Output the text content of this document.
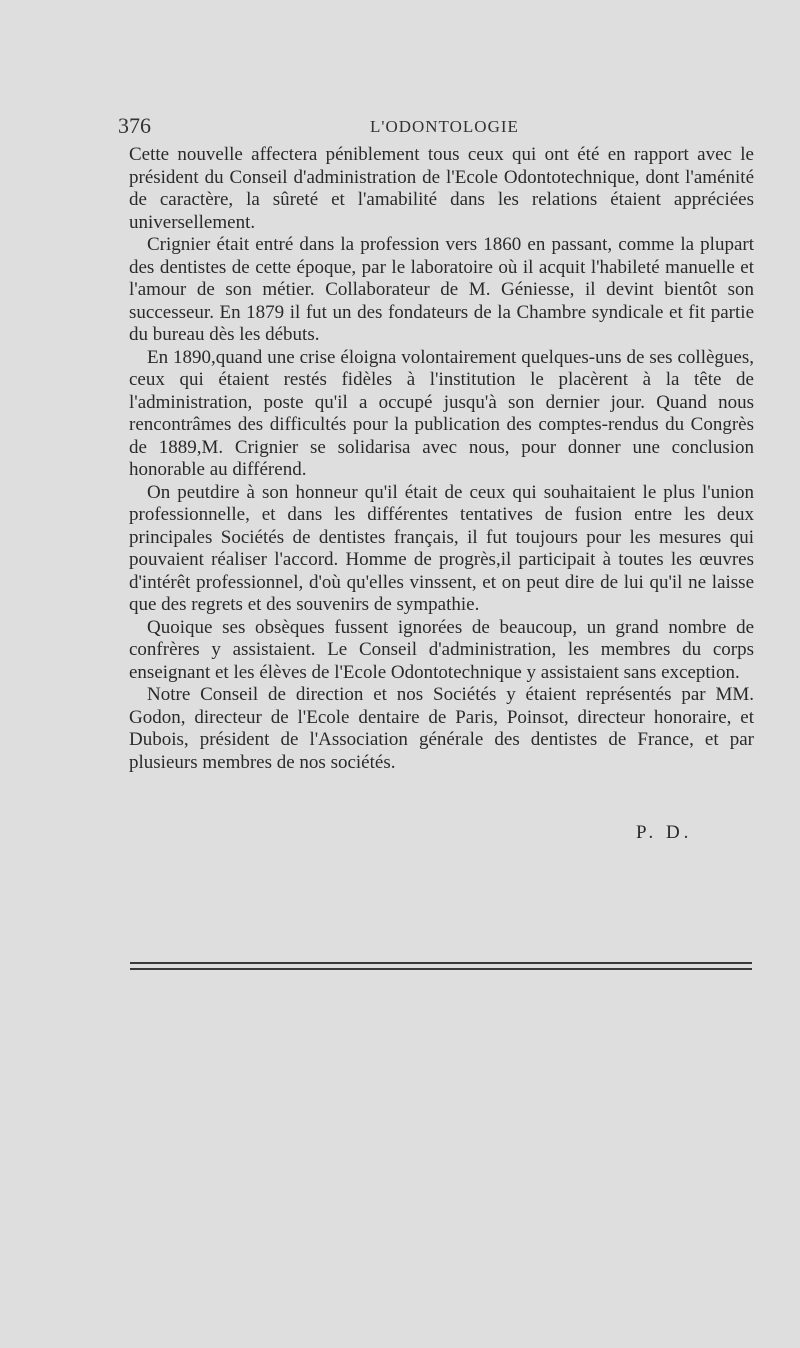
376	L'ODONTOLOGIE

Cette nouvelle affectera péniblement tous ceux qui ont été en rapport avec le président du Conseil d'administration de l'Ecole Odontotechnique, dont l'aménité de caractère, la sûreté et l'amabilité dans les relations étaient appréciées universellement.

Crignier était entré dans la profession vers 1860 en passant, comme la plupart des dentistes de cette époque, par le laboratoire où il acquit l'habileté manuelle et l'amour de son métier. Collaborateur de M. Géniesse, il devint bientôt son successeur. En 1879 il fut un des fondateurs de la Chambre syndicale et fit partie du bureau dès les débuts.

En 1890,quand une crise éloigna volontairement quelques-uns de ses collègues, ceux qui étaient restés fidèles à l'institution le placèrent à la tête de l'administration, poste qu'il a occupé jusqu'à son dernier jour. Quand nous rencontrâmes des difficultés pour la publication des comptes-rendus du Congrès de 1889,M. Crignier se solidarisa avec nous, pour donner une conclusion honorable au différend.

On peutdire à son honneur qu'il était de ceux qui souhaitaient le plus l'union professionnelle, et dans les différentes tentatives de fusion entre les deux principales Sociétés de dentistes français, il fut toujours pour les mesures qui pouvaient réaliser l'accord. Homme de progrès,il participait à toutes les œuvres d'intérêt professionnel, d'où qu'elles vinssent, et on peut dire de lui qu'il ne laisse que des regrets et des souvenirs de sympathie.

Quoique ses obsèques fussent ignorées de beaucoup, un grand nombre de confrères y assistaient. Le Conseil d'administration, les membres du corps enseignant et les élèves de l'Ecole Odontotechnique y assistaient sans exception.

Notre Conseil de direction et nos Sociétés y étaient représentés par MM. Godon, directeur de l'Ecole dentaire de Paris, Poinsot, directeur honoraire, et Dubois, président de l'Association générale des dentistes de France, et par plusieurs membres de nos sociétés.

P. D.
